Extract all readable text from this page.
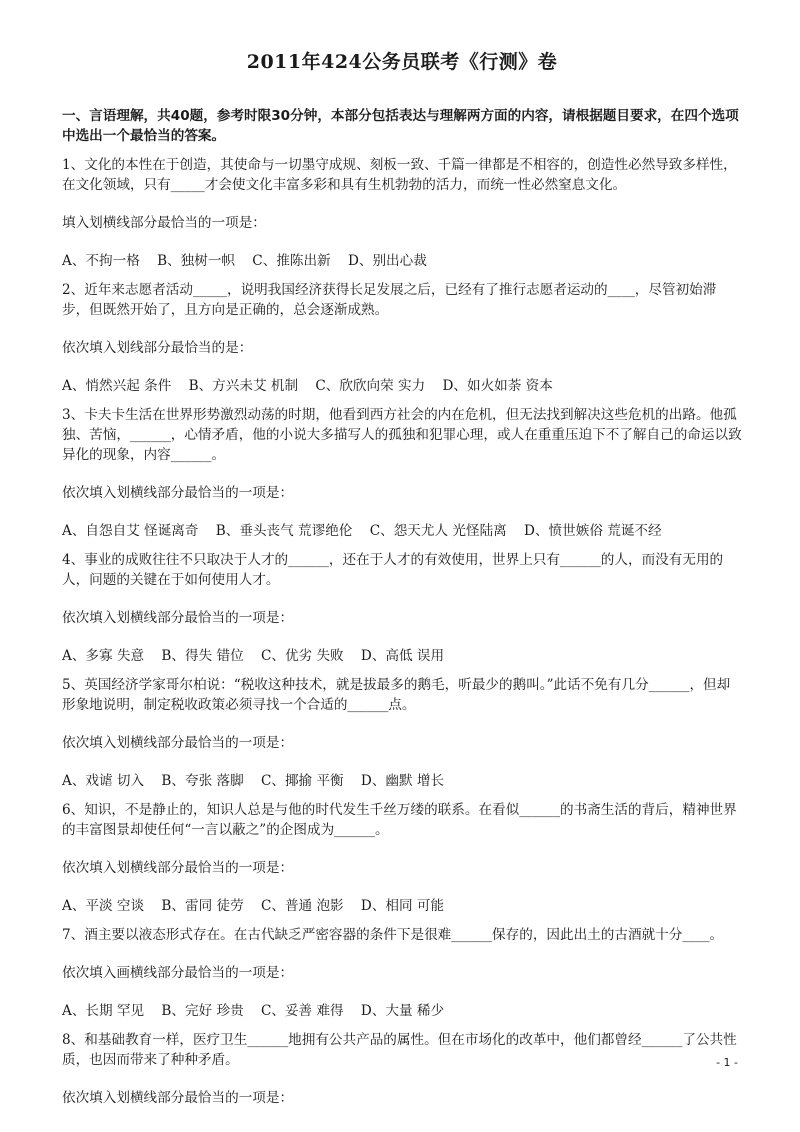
2011年424公务员联考《行测》卷
一、言语理解，共40题，参考时限30分钟，本部分包括表达与理解两方面的内容，请根据题目要求，在四个选项中选出一个最恰当的答案。
1、文化的本性在于创造，其使命与一切墨守成规、刻板一致、千篇一律都是不相容的，创造性必然导致多样性，在文化领域，只有_____才会使文化丰富多彩和具有生机勃勃的活力，而统一性必然窒息文化。
填入划横线部分最恰当的一项是：
A、不拘一格    B、独树一帜    C、推陈出新    D、别出心裁
2、近年来志愿者活动_____，说明我国经济获得长足发展之后，已经有了推行志愿者运动的____，尽管初始滞步，但既然开始了，且方向是正确的，总会逐渐成熟。
依次填入划线部分最恰当的是：
A、悄然兴起 条件    B、方兴未艾 机制    C、欣欣向荣 实力    D、如火如荼 资本
3、卡夫卡生活在世界形势激烈动荡的时期，他看到西方社会的内在危机，但无法找到解决这些危机的出路。他孤独、苦恼，______，心情矛盾，他的小说大多描写人的孤独和犯罪心理，或人在重重压迫下不了解自己的命运以致异化的现象，内容______。
依次填入划横线部分最恰当的一项是：
A、自怨自艾 怪诞离奇    B、垂头丧气 荒谬绝伦    C、怨天尤人 光怪陆离    D、愤世嫉俗 荒诞不经
4、事业的成败往往不只取决于人才的______，还在于人才的有效使用，世界上只有______的人，而没有无用的人，问题的关键在于如何使用人才。
依次填入划横线部分最恰当的一项是：
A、多寡 失意    B、得失 错位    C、优劣 失败    D、高低 误用
5、英国经济学家哥尔柏说：“税收这种技术，就是拔最多的鹅毛，听最少的鹅叫。”此话不免有几分______，但却形象地说明，制定税收政策必须寻找一个合适的______点。
依次填入划横线部分最恰当的一项是：
A、戏谑 切入    B、夸张 落脚    C、揶揄 平衡    D、幽默 增长
6、知识，不是静止的，知识人总是与他的时代发生千丝万缕的联系。在看似______的书斋生活的背后，精神世界的丰富图景却使任何“一言以蔽之”的企图成为______。
依次填入划横线部分最恰当的一项是：
A、平淡 空谈    B、雷同 徒劳    C、普通 泡影    D、相同 可能
7、酒主要以液态形式存在。在古代缺乏严密容器的条件下是很难______保存的，因此出土的古酒就十分____。
依次填入画横线部分最恰当的一项是：
A、长期 罕见    B、完好 珍贵    C、妥善 难得    D、大量 稀少
8、和基础教育一样，医疗卫生______地拥有公共产品的属性。但在市场化的改革中，他们都曾经______了公共性质，也因而带来了种种矛盾。
依次填入划横线部分最恰当的一项是：
- 1 -
